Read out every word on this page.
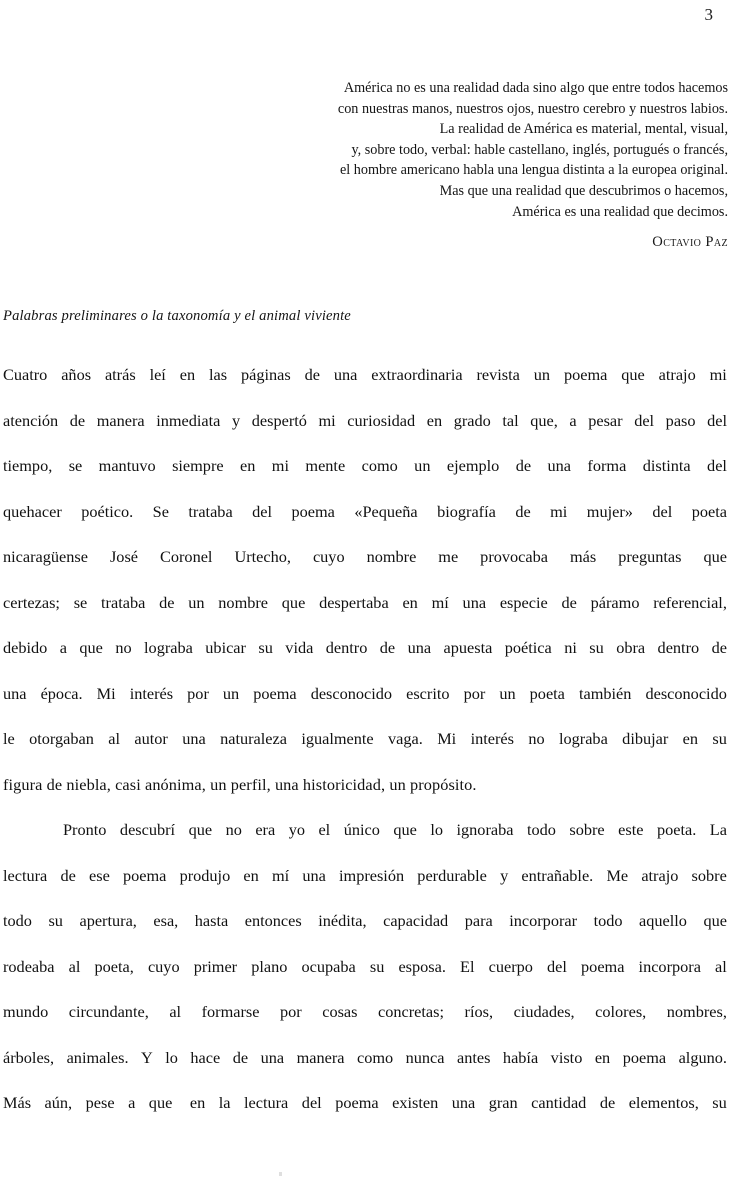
3
América no es una realidad dada sino algo que entre todos hacemos
con nuestras manos, nuestros ojos, nuestro cerebro y nuestros labios.
La realidad de América es material, mental, visual,
y, sobre todo, verbal: hable castellano, inglés, portugués o francés,
el hombre americano habla una lengua distinta a la europea original.
Mas que una realidad que descubrimos o hacemos,
América es una realidad que decimos.
Octavio Paz
Palabras preliminares o la taxonomía y el animal viviente
Cuatro años atrás leí en las páginas de una extraordinaria revista un poema que atrajo mi
atención de manera inmediata y despertó mi curiosidad en grado tal que, a pesar del paso del
tiempo, se mantuvo siempre en mi mente como un ejemplo de una forma distinta del
quehacer poético. Se trataba del poema «Pequeña biografía de mi mujer» del poeta
nicaragüense José Coronel Urtecho, cuyo nombre me provocaba más preguntas que
certezas; se trataba de un nombre que despertaba en mí una especie de páramo referencial,
debido a que no lograba ubicar su vida dentro de una apuesta poética ni su obra dentro de
una época. Mi interés por un poema desconocido escrito por un poeta también desconocido
le otorgaban al autor una naturaleza igualmente vaga. Mi interés no lograba dibujar en su
figura de niebla, casi anónima, un perfil, una historicidad, un propósito.
Pronto descubrí que no era yo el único que lo ignoraba todo sobre este poeta. La
lectura de ese poema produjo en mí una impresión perdurable y entrañable. Me atrajo sobre
todo su apertura, esa, hasta entonces inédita, capacidad para incorporar todo aquello que
rodeaba al poeta, cuyo primer plano ocupaba su esposa. El cuerpo del poema incorpora al
mundo circundante, al formarse por cosas concretas; ríos, ciudades, colores, nombres,
árboles, animales. Y lo hace de una manera como nunca antes había visto en poema alguno.
Más aún, pese a que en la lectura del poema existen una gran cantidad de elementos, su
